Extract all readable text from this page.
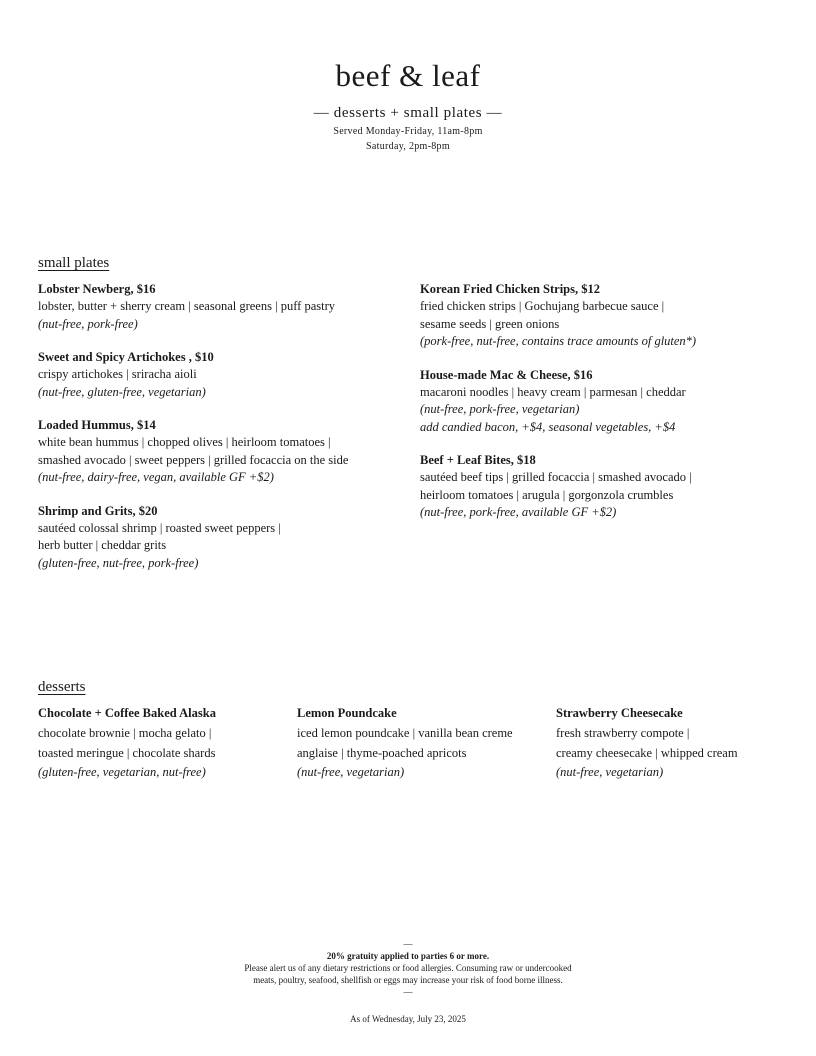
beef & leaf
— desserts + small plates —
Served Monday-Friday, 11am-8pm
Saturday, 2pm-8pm
small plates
Lobster Newberg, $16
lobster, butter + sherry cream | seasonal greens | puff pastry
(nut-free, pork-free)
Sweet and Spicy Artichokes , $10
crispy artichokes | sriracha aioli
(nut-free, gluten-free, vegetarian)
Loaded Hummus, $14
white bean hummus | chopped olives | heirloom tomatoes |
smashed avocado | sweet peppers | grilled focaccia on the side
(nut-free, dairy-free, vegan, available GF +$2)
Shrimp and Grits, $20
sautéed colossal shrimp | roasted sweet peppers |
herb butter | cheddar grits
(gluten-free, nut-free, pork-free)
Korean Fried Chicken Strips, $12
fried chicken strips | Gochujang barbecue sauce |
sesame seeds | green onions
(pork-free, nut-free, contains trace amounts of gluten*)
House-made Mac & Cheese, $16
macaroni noodles | heavy cream | parmesan | cheddar
(nut-free, pork-free, vegetarian)
add candied bacon, +$4, seasonal vegetables, +$4
Beef + Leaf Bites, $18
sautéed beef tips | grilled focaccia | smashed avocado |
heirloom tomatoes | arugula | gorgonzola crumbles
(nut-free, pork-free, available GF +$2)
desserts
Chocolate + Coffee Baked Alaska
chocolate brownie | mocha gelato |
toasted meringue | chocolate shards
(gluten-free, vegetarian, nut-free)
Lemon Poundcake
iced lemon poundcake | vanilla bean creme
anglaise | thyme-poached apricots
(nut-free, vegetarian)
Strawberry Cheesecake
fresh strawberry compote |
creamy cheesecake | whipped cream
(nut-free, vegetarian)
—
20% gratuity applied to parties 6 or more.
Please alert us of any dietary restrictions or food allergies. Consuming raw or undercooked
meats, poultry, seafood, shellfish or eggs may increase your risk of food borne illness.
—
As of Wednesday, July 23, 2025
